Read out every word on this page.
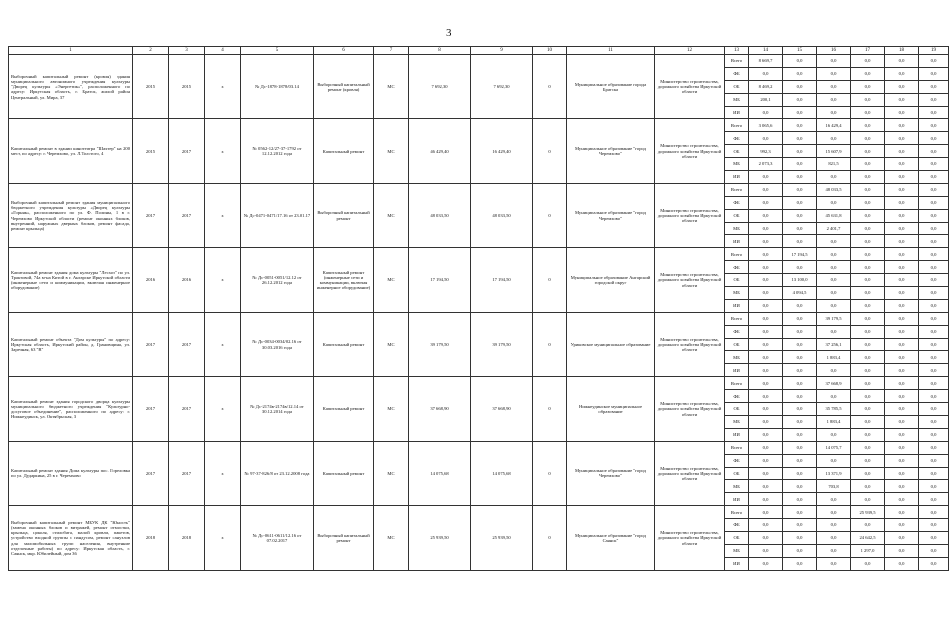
3
1	2	3	4	5	6	7	8	9	10	11	12	13	14	15	16	17	18	19
Выборочный капитальный ремонт (кровля) здания муниципального автономного учреждения культуры "Дворец культуры «Энергетик»", расположенного по адресу: Иркутская область, г. Братск, жилой район Центральный, ул. Мира, 37	2015	2015	х	№ Дс-1878-1878/03.14	Выборочный капитальный ремонт (кровля)	МС	7 692,30	7 692,30	0	Муниципальное образование города Братска	Министерство строительства, дорожного хозяйства Иркутской области	Всего	8 669,7	0,0	0,0	0,0	0,0	0,0
												ФБ	0,0	0,0	0,0	0,0	0,0	0,0
												ОБ	8 469,2	0,0	0,0	0,0	0,0	0,0
												МБ	200,1	0,0	0,0	0,0	0,0	0,0
												ИИ	0,0	0,0	0,0	0,0	0,0	0,0
Капитальный ремонт в здании кинотеатра "Шахтер" на 200 мест, по адресу: г. Черемхово, ул. Л.Толстого, 4	2015	2017	х	№ 0562-12/27-37-1792 от 12.12.2012 года	Капитальный ремонт	МС	46 429,40	16 429,40	0	Муниципальное образование "город Черемхово"	Министерство строительства, дорожного хозяйства Иркутской области	Всего	3 065,6	0,0	16 429,4	0,0	0,0	0,0
												ФБ	0,0	0,0	0,0	0,0	0,0	0,0
												ОБ	992,3	0,0	15 607,9	0,0	0,0	0,0
												МБ	2 073,3	0,0	821,5	0,0	0,0	0,0
												ИИ	0,0	0,0	0,0	0,0	0,0	0,0
Выборочный капитальный ремонт здания муниципального бюджетного учреждения культуры «Дворец культуры «Горняк», расположенного по ул. Ф. Полины, 1 в г. Черемхово Иркутской области (ремонт оконных блоков, внутренний, наружных дверных блоков, ремонт фасада, ремонт крыльца)	2017	2017	х	№ Дс-0471-0471/17.16 от 23.01.17	Выборочный капитальный ремонт	МС	48 033,50	48 033,50	0	Муниципальное образование "город Черемхово"	Министерство строительства, дорожного хозяйства Иркутской области	Всего	0,0	0,0	48 033,5	0,0	0,0	0,0
												ФБ	0,0	0,0	0,0	0,0	0,0	0,0
												ОБ	0,0	0,0	45 631,8	0,0	0,0	0,0
												МБ	0,0	0,0	2 401,7	0,0	0,0	0,0
												ИИ	0,0	0,0	0,0	0,0	0,0	0,0
Капитальный ремонт здания дома культуры "Лесхоз" по ул. Трактовой, 74а м-на Китой в г. Ангарске Иркутской области (инженерные сети и коммуникации, включая инженерное оборудование)	2016	2016	х	№ Дс-0051-0051/12.12 от 26.12.2012 года	Капитальный ремонт (инженерные сети и коммуникации, включая инженерное оборудование)	МС	17 194,50	17 194,50	0	Муниципальное образование Ангарский городской округ	Министерство строительства, дорожного хозяйства Иркутской области	Всего	0,0	17 194,5	0,0	0,0	0,0	0,0
												ФБ	0,0	0,0	0,0	0,0	0,0	0,0
												ОБ	0,0	13 100,0	0,0	0,0	0,0	0,0
												МБ	0,0	4 094,5	0,0	0,0	0,0	0,0
												ИИ	0,0	0,0	0,0	0,0	0,0	0,0
Капитальный ремонт объекта "Дом культуры" по адресу: Иркутская область, Иркутский район, д. Грановщина, ул. Заречная, 63 "В"	2017	2017	х	№ Дс-0034-0034/02.16 от 30.03.2016 года	Капитальный ремонт	МС	39 179,50	39 179,50	0	Уриковское муниципальное образование	Министерство строительства, дорожного хозяйства Иркутской области	Всего	0,0	0,0	39 179,5	0,0	0,0	0,0
												ФБ	0,0	0,0	0,0	0,0	0,0	0,0
												ОБ	0,0	0,0	37 256,1	0,0	0,0	0,0
												МБ	0,0	0,0	1 883,4	0,0	0,0	0,0
												ИИ	0,0	0,0	0,0	0,0	0,0	0,0
Капитальный ремонт здания городского дворца культуры муниципального бюджетного учреждения "Культурно-досуговое объединение", расположенного по адресу: г. Нижнеудинск, ул. Октябрьская, 3	2017	2017	х	№ Дс-2174в-2174в/12.14 от 30.12.2014 года	Капитальный ремонт	МС	37 668,90	37 668,90	0	Нижнеудинское муниципальное образование	Министерство строительства, дорожного хозяйства Иркутской области	Всего	0,0	0,0	37 668,9	0,0	0,0	0,0
												ФБ	0,0	0,0	0,0	0,0	0,0	0,0
												ОБ	0,0	0,0	35 785,5	0,0	0,0	0,0
												МБ	0,0	0,0	1 883,4	0,0	0,0	0,0
												ИИ	0,0	0,0	0,0	0,0	0,0	0,0
Капитальный ремонт здания Дома культуры пос. Гореловка по ул. Дударкина, 25 в г. Черемхово	2017	2017	х	№ 97-37-826/8 от 23.12.2008 года	Капитальный ремонт	МС	14 075,68	14 075,68	0	Муниципальное образование "город Черемхово"	Министерство строительства, дорожного хозяйства Иркутской области	Всего	0,0	0,0	14 075,7	0,0	0,0	0,0
												ФБ	0,0	0,0	0,0	0,0	0,0	0,0
												ОБ	0,0	0,0	13 371,9	0,0	0,0	0,0
												МБ	0,0	0,0	703,8	0,0	0,0	0,0
												ИИ	0,0	0,0	0,0	0,0	0,0	0,0
Выборочный капитальный ремонт МБУК ДК "Юность" (замена оконных блоков и витражей, ремонт отмостки, крыльца, цоколя, стилобата, малой кровли, пакетов, устройство входной группы с пандусом, ремонт санузлов для маломобильных групп населения, внутренние отделочные работы) по адресу: Иркутская область, г. Саянск, мкр. Юбилейный, дом 36	2018	2018	х	№ Дс-0611-0611/12.16 от 07.02.2017	Выборочный капитальный ремонт	МС	25 939,50	25 939,50	0	Муниципальное образование "город Саянск"	Министерство строительства, дорожного хозяйства Иркутской области	Всего	0,0	0,0	0,0	25 939,5	0,0	0,0
												ФБ	0,0	0,0	0,0	0,0	0,0	0,0
												ОБ	0,0	0,0	0,0	24 642,5	0,0	0,0
												МБ	0,0	0,0	0,0	1 297,0	0,0	0,0
												ИИ	0,0	0,0	0,0	0,0	0,0	0,0
